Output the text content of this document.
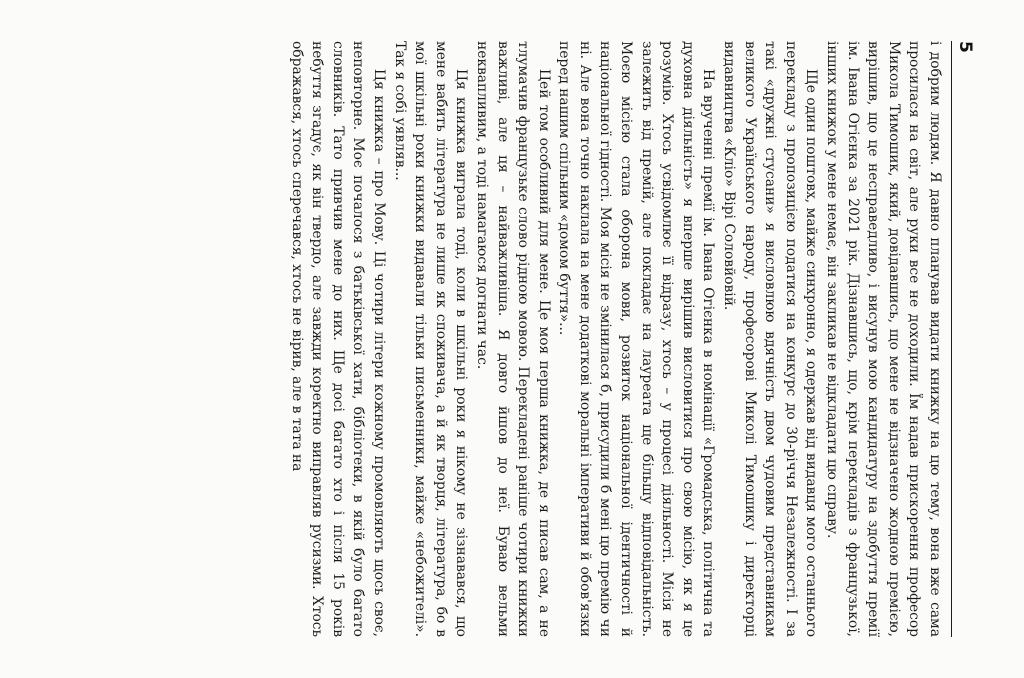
5

і добрим людям. Я давно планував видати книжку на цю тему, вона вже сама просилася на світ, але руки все не доходили. Їм надав прискорення професор Микола Тимошик, який, довідавшись, що мене не відзначено жодною премією, вирішив, що це несправедливо, і висунув мою кандидатуру на здобуття премії ім. Івана Огієнка за 2021 рік. Дізнавшись, що, крім перекладів з французької, інших книжок у мене немає, він закликав не відкладати цю справу.

Ще один поштовх, майже синхронно, я одержав від видавця мого останнього перекладу з пропозицією податися на конкурс до 30-річчя Незалежності. І за такі «дружні стусани» я висловлюю вдячність двом чудовим представникам великого Українського народу, професорові Миколі Тимошику і директорці видавництва «Кліо» Вірі Соловйовій.

На врученні премії ім. Івана Огієнка в номінації «Громадська, політична та духовна діяльність» я вперше вирішив висловитися про свою місію, як я це розумію. Хтось усвідомлює її відразу, хтось – у процесі діяльності. Місія не залежить від премій, але покладає на лауреата ще більшу відповідальність. Моєю місією стала оборона мови, розвиток національної ідентичності й національної гідності. Моя місія не змінилася б, присудили б мені цю премію чи ні. Але вона точно наклала на мене додаткові моральні імперативи й обов'язки перед нашим спільним «домом буття»...

Цей том особливий для мене. Це моя перша книжка, де я писав сам, а не тлумачив французьке слово рідною мовою. Перекладені раніше чотири книжки важливі, але ця – найважливіша. Я довго йшов до неї. Буваю вельми неквапливим, а тоді намагаюся догнати час.

Ця книжка виграла тоді, коли в шкільні роки я нікому не зізнавався, що мене вабить література не лише як споживача, а й як творця, література, бо в мої шкільні роки книжки видавали тільки письменники, майже «небожителі». Так я собі уявляв...

Ця книжка – про Мову. Ці чотири літери кожному промовляють щось своє, неповторне. Моє почалося з батьківської хати, бібліотеки, в якій було багато словників. Тато привчив мене до них. Ще досі багато хто і після 15 років небуття згадує, як він твердо, але завжди коректно виправляв русизми. Хтось ображався, хтось сперечався, хтось не вірив, але в тата на
